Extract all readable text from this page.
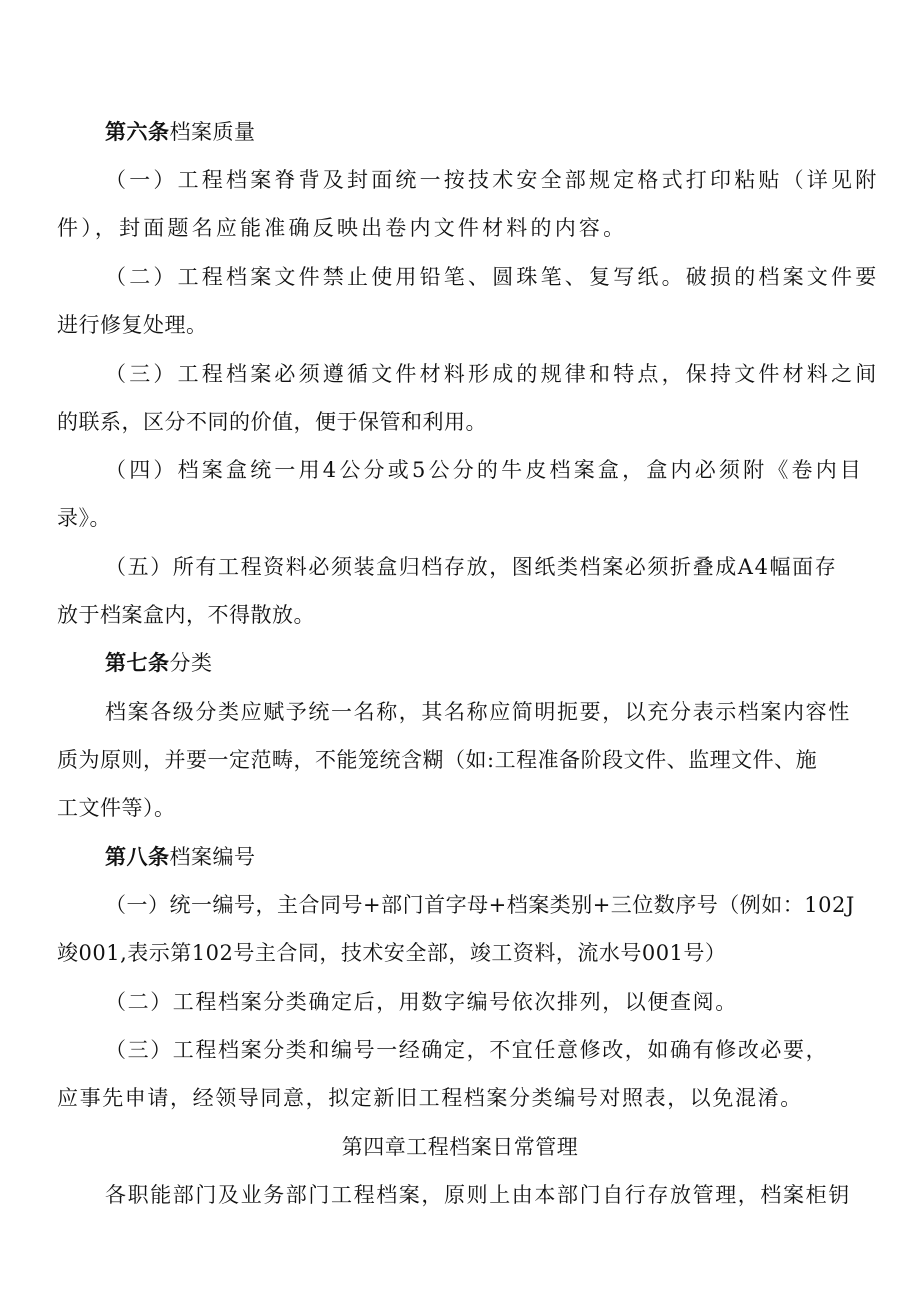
第六条档案质量
（一）工程档案脊背及封面统一按技术安全部规定格式打印粘贴（详见附
件），封面题名应能准确反映出卷内文件材料的内容。
（二）工程档案文件禁止使用铅笔、圆珠笔、复写纸。破损的档案文件要
进行修复处理。
（三）工程档案必须遵循文件材料形成的规律和特点，保持文件材料之间
的联系，区分不同的价值，便于保管和利用。
（四）档案盒统一用4公分或5公分的牛皮档案盒，盒内必须附《卷内目
录》。
（五）所有工程资料必须装盒归档存放，图纸类档案必须折叠成A4幅面存
放于档案盒内，不得散放。
第七条分类
档案各级分类应赋予统一名称，其名称应简明扼要，以充分表示档案内容性
质为原则，并要一定范畴，不能笼统含糊（如:工程准备阶段文件、监理文件、施
工文件等）。
第八条档案编号
（一）统一编号，主合同号+部门首字母+档案类别+三位数序号（例如：102J
竣001,表示第102号主合同，技术安全部，竣工资料，流水号001号）
（二）工程档案分类确定后，用数字编号依次排列，以便查阅。
（三）工程档案分类和编号一经确定，不宜任意修改，如确有修改必要，
应事先申请，经领导同意，拟定新旧工程档案分类编号对照表，以免混淆。
第四章工程档案日常管理
各职能部门及业务部门工程档案，原则上由本部门自行存放管理，档案柜钥
